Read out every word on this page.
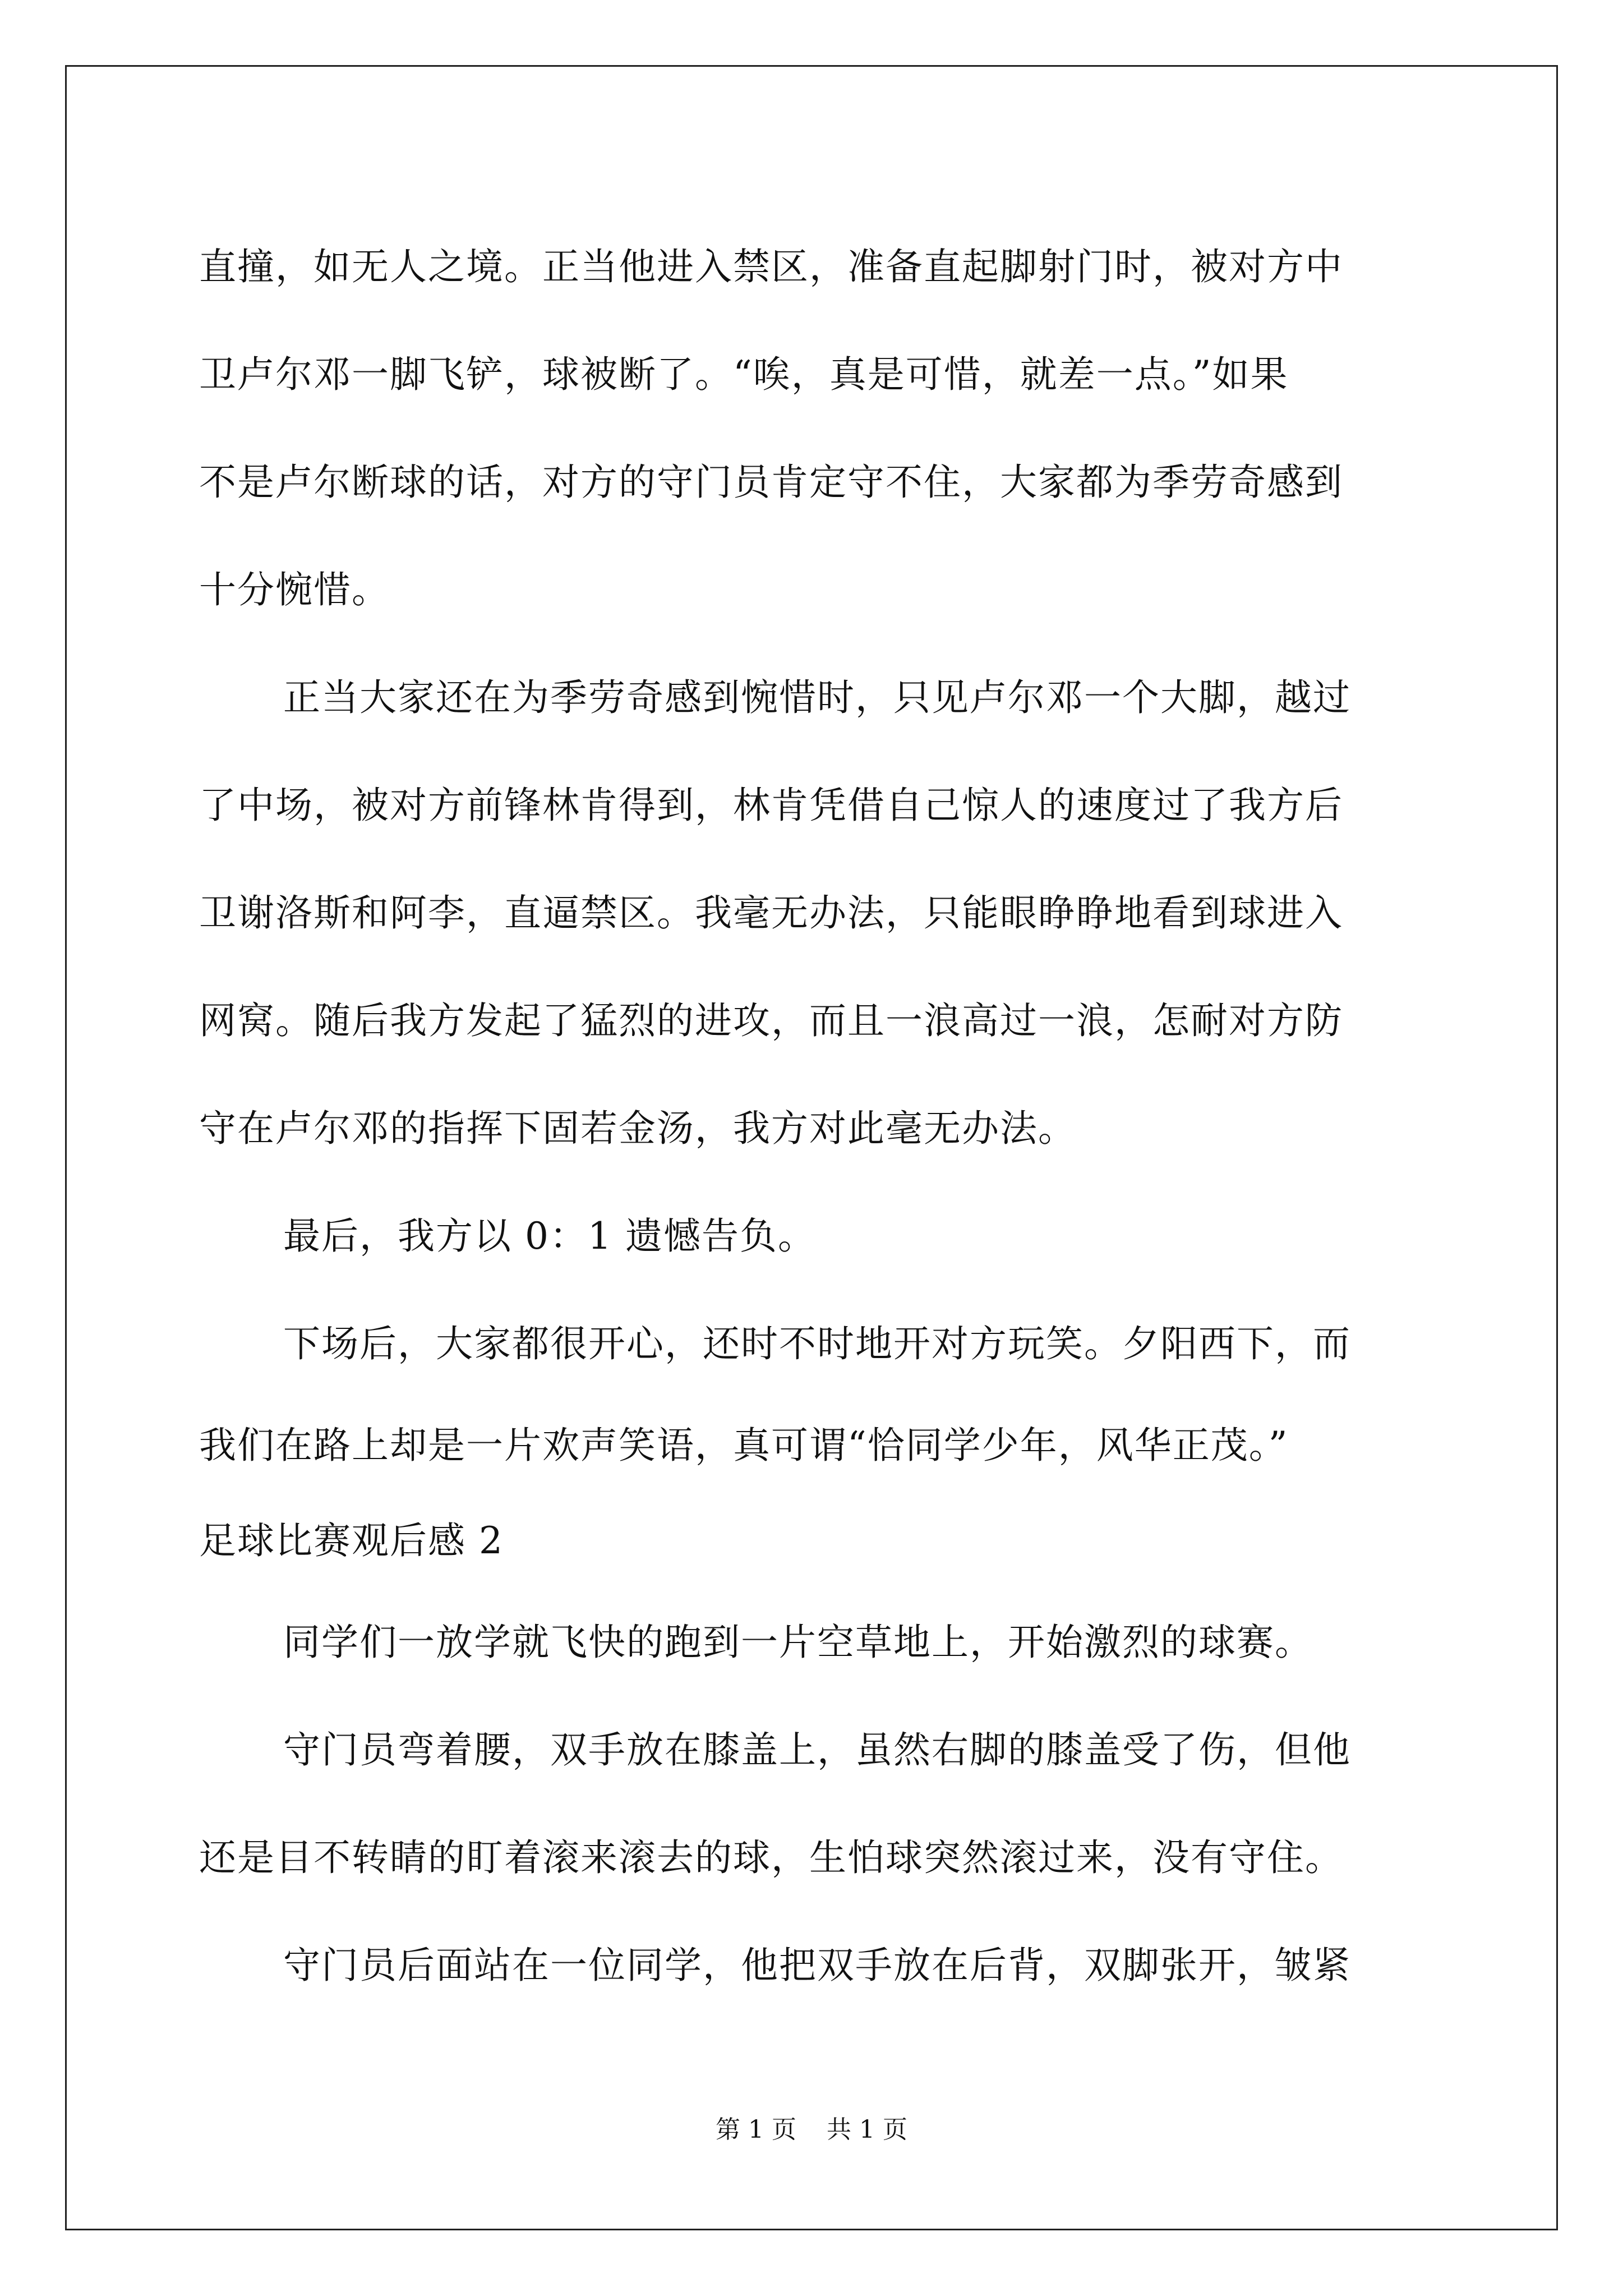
直撞，如无人之境。正当他进入禁区，准备直起脚射门时，被对方中
卫卢尔邓一脚飞铲，球被断了。“唉，真是可惜，就差一点。”如果
不是卢尔断球的话，对方的守门员肯定守不住，大家都为季劳奇感到
十分惋惜。
正当大家还在为季劳奇感到惋惜时，只见卢尔邓一个大脚，越过
了中场，被对方前锋林肯得到，林肯凭借自己惊人的速度过了我方后
卫谢洛斯和阿李，直逼禁区。我毫无办法，只能眼睁睁地看到球进入
网窝。随后我方发起了猛烈的进攻，而且一浪高过一浪，怎耐对方防
守在卢尔邓的指挥下固若金汤，我方对此毫无办法。
最后，我方以 0：1 遗憾告负。
下场后，大家都很开心，还时不时地开对方玩笑。夕阳西下，而
我们在路上却是一片欢声笑语，真可谓“恰同学少年，风华正茂。”
足球比赛观后感 2
同学们一放学就飞快的跑到一片空草地上，开始激烈的球赛。
守门员弯着腰，双手放在膝盖上，虽然右脚的膝盖受了伤，但他
还是目不转睛的盯着滚来滚去的球，生怕球突然滚过来，没有守住。
守门员后面站在一位同学，他把双手放在后背，双脚张开，皱紧
第 1 页 共 1 页
